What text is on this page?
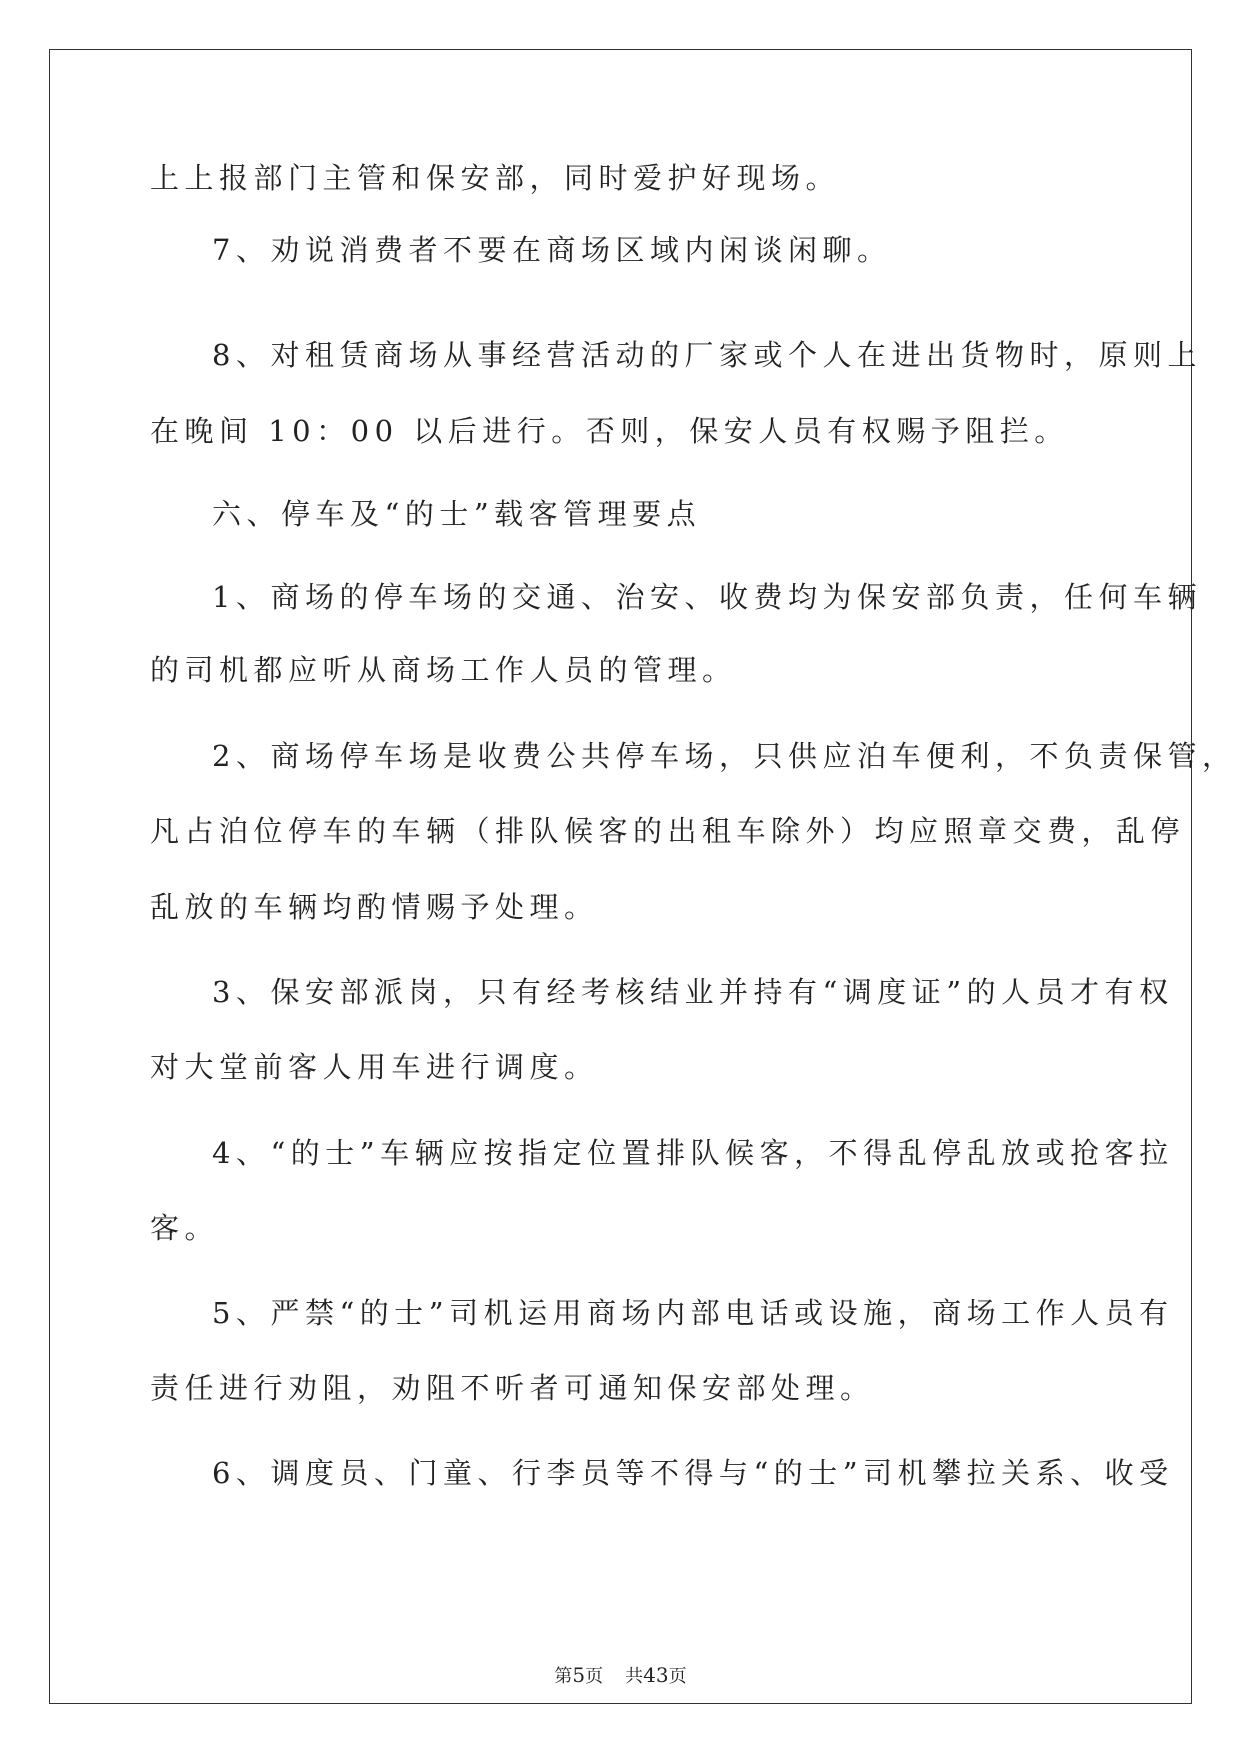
上上报部门主管和保安部，同时爱护好现场。
7、劝说消费者不要在商场区域内闲谈闲聊。
8、对租赁商场从事经营活动的厂家或个人在进出货物时，原则上
在晚间 10：00 以后进行。否则，保安人员有权赐予阻拦。
六、停车及“的士”载客管理要点
1、商场的停车场的交通、治安、收费均为保安部负责，任何车辆
的司机都应听从商场工作人员的管理。
2、商场停车场是收费公共停车场，只供应泊车便利，不负责保管，
凡占泊位停车的车辆（排队候客的出租车除外）均应照章交费，乱停
乱放的车辆均酌情赐予处理。
3、保安部派岗，只有经考核结业并持有“调度证”的人员才有权
对大堂前客人用车进行调度。
4、“的士”车辆应按指定位置排队候客，不得乱停乱放或抢客拉
客。
5、严禁“的士”司机运用商场内部电话或设施，商场工作人员有
责任进行劝阻，劝阻不听者可通知保安部处理。
6、调度员、门童、行李员等不得与“的士”司机攀拉关系、收受
第5页 共43页
